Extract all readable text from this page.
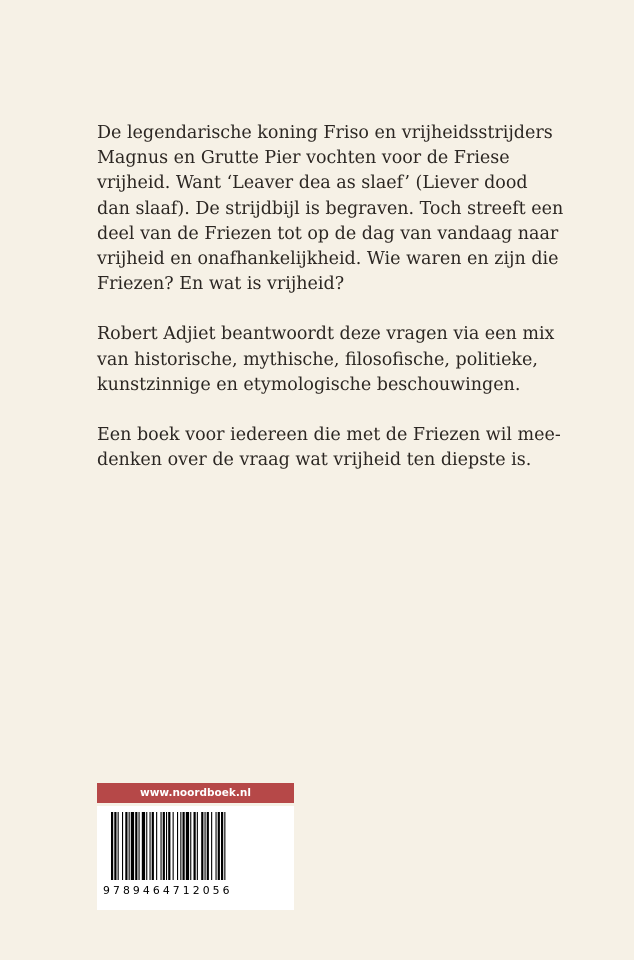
De legendarische koning Friso en vrijheidsstrijders
Magnus en Grutte Pier vochten voor de Friese
vrijheid. Want ‘Leaver dea as slaef’ (Liever dood
dan slaaf). De strijdbijl is begraven. Toch streeft een
deel van de Friezen tot op de dag van vandaag naar
vrijheid en onafhankelijkheid. Wie waren en zijn die
Friezen? En wat is vrijheid?

Robert Adjiet beantwoordt deze vragen via een mix
van historische, mythische, filosofische, politieke,
kunstzinnige en etymologische beschouwingen.

Een boek voor iedereen die met de Friezen wil mee-
denken over de vraag wat vrijheid ten diepste is.

www.noordboek.nl
9789464712056
